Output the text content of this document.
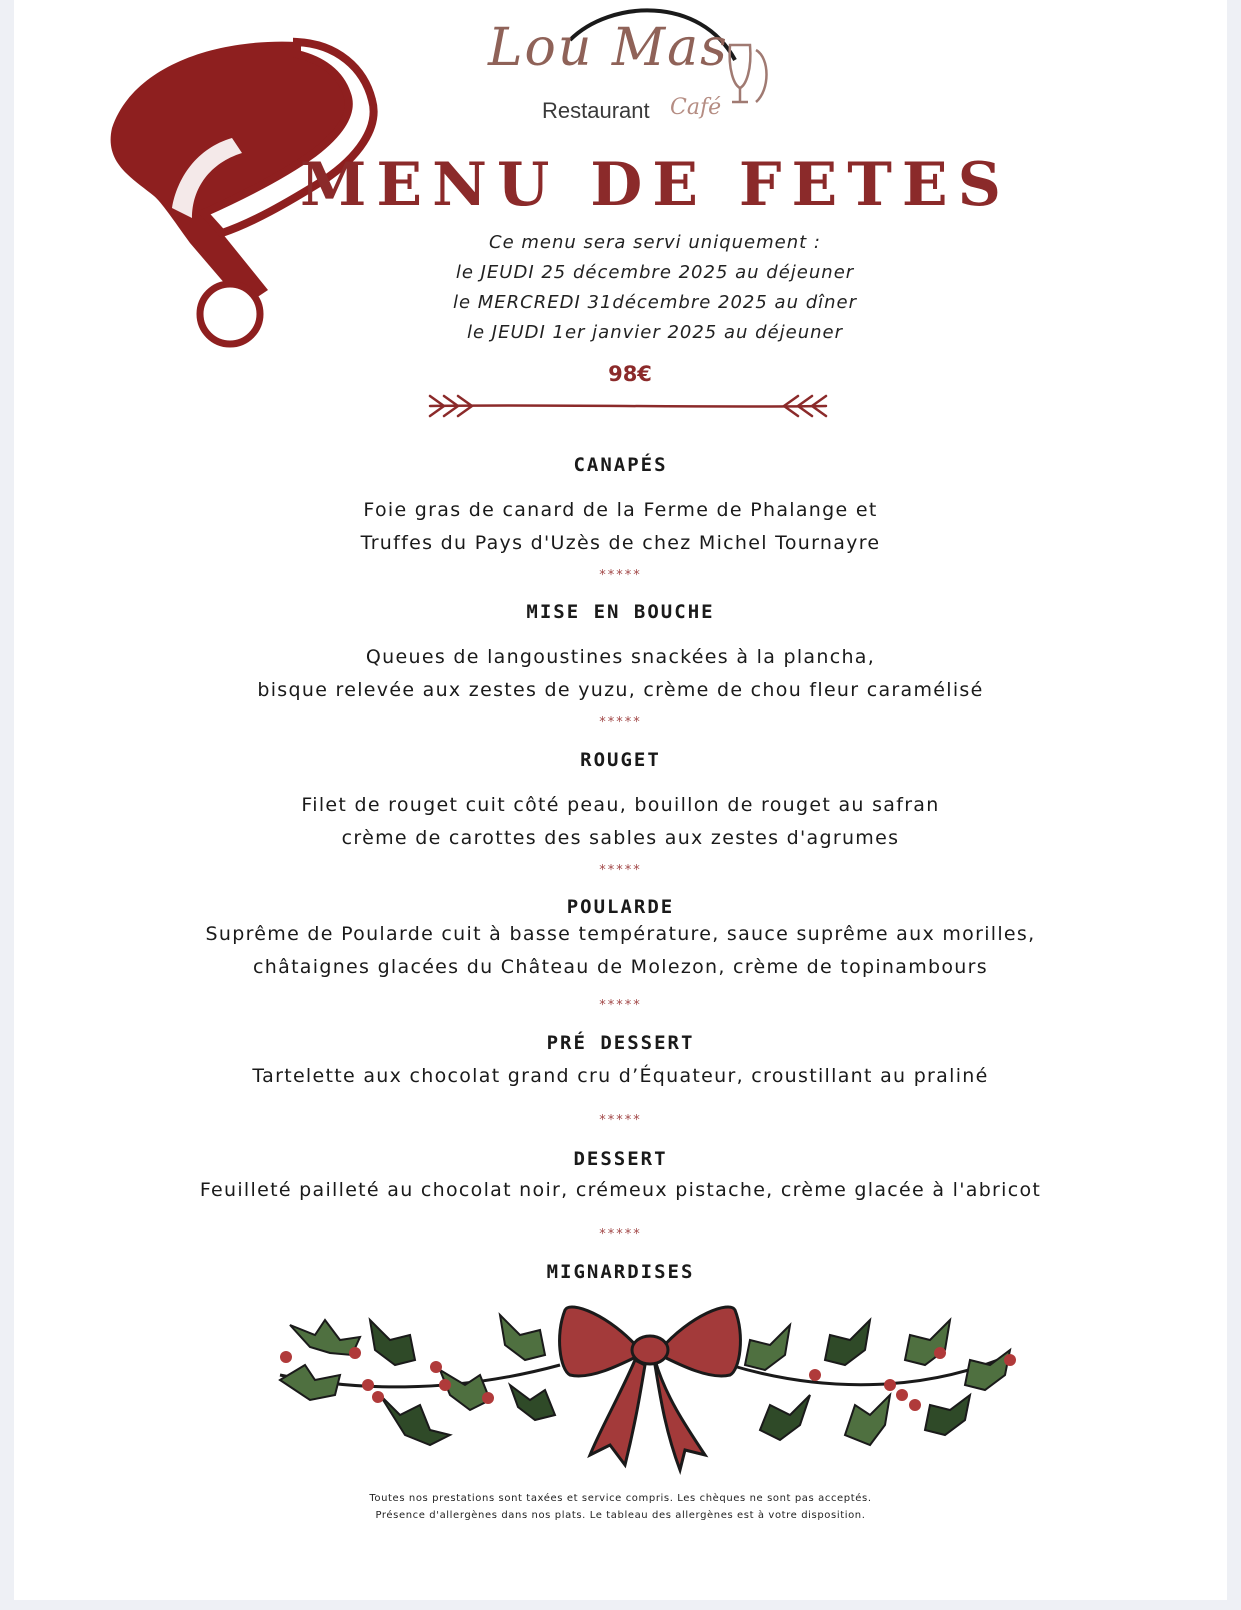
Lou Mas
Restaurant Café
MENU DE FETES
Ce menu sera servi uniquement :
le JEUDI 25 décembre 2025 au déjeuner
le MERCREDI 31décembre 2025 au dîner
le JEUDI 1er janvier 2025 au déjeuner
98€
CANAPÉS
Foie gras de canard de la Ferme de Phalange et
Truffes du Pays d'Uzès de chez Michel Tournayre
*****
MISE EN BOUCHE
Queues de langoustines snackées à la plancha,
bisque relevée aux zestes de yuzu, crème de chou fleur caramélisé
*****
ROUGET
Filet de rouget cuit côté peau, bouillon de rouget au safran
crème de carottes des sables aux zestes d'agrumes
*****
POULARDE
Suprême de Poularde cuit à basse température, sauce suprême aux morilles,
châtaignes glacées du Château de Molezon, crème de topinambours
*****
PRÉ DESSERT
Tartelette aux chocolat grand cru d’Équateur, croustillant au praliné
*****
DESSERT
Feuilleté pailleté au chocolat noir, crémeux pistache, crème glacée à l'abricot
*****
MIGNARDISES
Toutes nos prestations sont taxées et service compris. Les chèques ne sont pas acceptés.
Présence d'allergènes dans nos plats. Le tableau des allergènes est à votre disposition.
